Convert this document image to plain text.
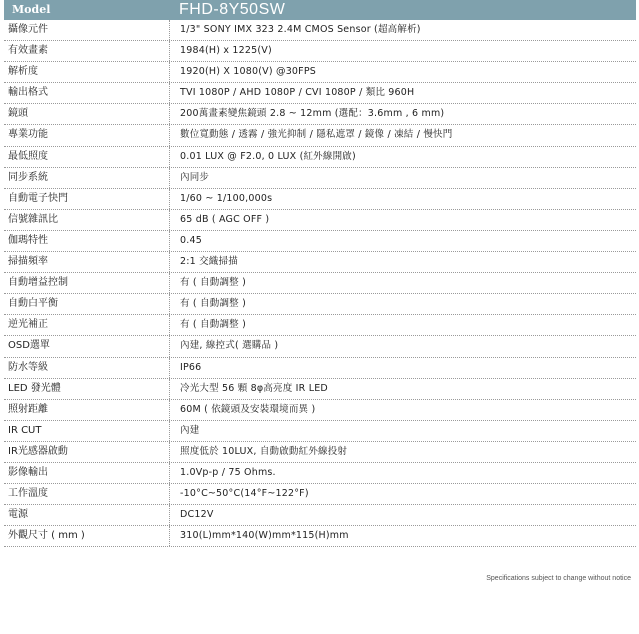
Model	FHD-8Y50SW
攝像元件	1/3" SONY IMX 323 2.4M CMOS Sensor (超高解析)
有效畫素	1984(H) x 1225(V)
解析度	1920(H) X 1080(V) @30FPS
輸出格式	TVI 1080P / AHD 1080P / CVI 1080P / 類比 960H
鏡頭	200萬畫素變焦鏡頭 2.8 ~ 12mm (選配：3.6mm , 6 mm)
專業功能	數位寬動態 / 透霧 / 強光抑制 / 隱私遮罩 / 鏡像 / 凍結 / 慢快門
最低照度	0.01 LUX @ F2.0, 0 LUX (紅外線開啟)
同步系統	內同步
自動電子快門	1/60 ~ 1/100,000s
信號雜訊比	65 dB ( AGC OFF )
伽瑪特性	0.45
掃描頻率	2:1 交織掃描
自動增益控制	有 ( 自動調整 )
自動白平衡	有 ( 自動調整 )
逆光補正	有 ( 自動調整 )
OSD選單	內建, 線控式( 選購品 )
防水等級	IP66
LED 發光體	冷光大型 56 顆 8φ高亮度 IR LED
照射距離	60M ( 依鏡頭及安裝環境而異 )
IR CUT	內建
IR光感器啟動	照度低於 10LUX, 自動啟動紅外線投射
影像輸出	1.0Vp-p / 75 Ohms.
工作溫度	-10°C~50°C(14°F~122°F)
電源	DC12V
外觀尺寸 ( mm )	310(L)mm*140(W)mm*115(H)mm
Specifications subject to change without notice
